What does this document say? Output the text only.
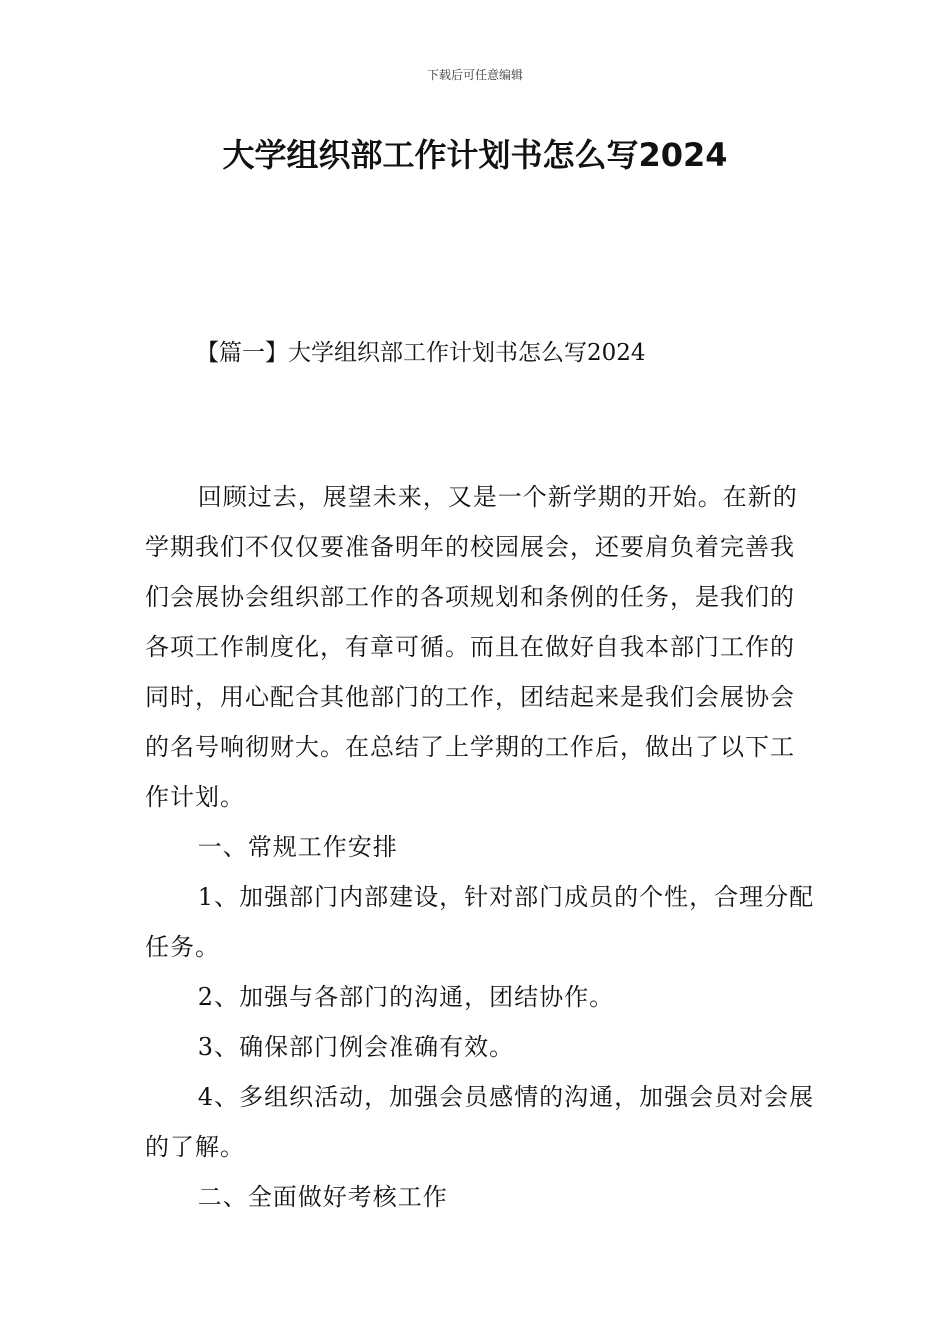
下载后可任意编辑
大学组织部工作计划书怎么写2024
【篇一】大学组织部工作计划书怎么写2024

回顾过去，展望未来，又是一个新学期的开始。在新的学期我们不仅仅要准备明年的校园展会，还要肩负着完善我们会展协会组织部工作的各项规划和条例的任务，是我们的各项工作制度化，有章可循。而且在做好自我本部门工作的同时，用心配合其他部门的工作，团结起来是我们会展协会的名号响彻财大。在总结了上学期的工作后，做出了以下工作计划。

一、常规工作安排

1、加强部门内部建设，针对部门成员的个性，合理分配任务。

2、加强与各部门的沟通，团结协作。

3、确保部门例会准确有效。

4、多组织活动，加强会员感情的沟通，加强会员对会展的了解。

二、全面做好考核工作
